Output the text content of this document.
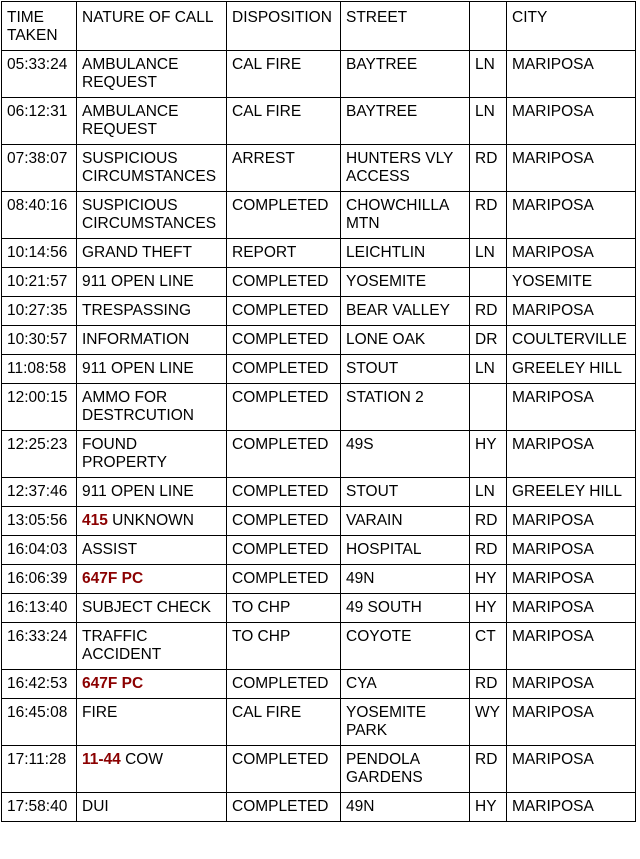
TIME TAKEN	NATURE OF CALL	DISPOSITION	STREET		CITY
05:33:24	AMBULANCE REQUEST	CAL FIRE	BAYTREE	LN	MARIPOSA
06:12:31	AMBULANCE REQUEST	CAL FIRE	BAYTREE	LN	MARIPOSA
07:38:07	SUSPICIOUS CIRCUMSTANCES	ARREST	HUNTERS VLY ACCESS	RD	MARIPOSA
08:40:16	SUSPICIOUS CIRCUMSTANCES	COMPLETED	CHOWCHILLA MTN	RD	MARIPOSA
10:14:56	GRAND THEFT	REPORT	LEICHTLIN	LN	MARIPOSA
10:21:57	911 OPEN LINE	COMPLETED	YOSEMITE		YOSEMITE
10:27:35	TRESPASSING	COMPLETED	BEAR VALLEY	RD	MARIPOSA
10:30:57	INFORMATION	COMPLETED	LONE OAK	DR	COULTERVILLE
11:08:58	911 OPEN LINE	COMPLETED	STOUT	LN	GREELEY HILL
12:00:15	AMMO FOR DESTRCUTION	COMPLETED	STATION 2		MARIPOSA
12:25:23	FOUND PROPERTY	COMPLETED	49S	HY	MARIPOSA
12:37:46	911 OPEN LINE	COMPLETED	STOUT	LN	GREELEY HILL
13:05:56	415 UNKNOWN	COMPLETED	VARAIN	RD	MARIPOSA
16:04:03	ASSIST	COMPLETED	HOSPITAL	RD	MARIPOSA
16:06:39	647F PC	COMPLETED	49N	HY	MARIPOSA
16:13:40	SUBJECT CHECK	TO CHP	49 SOUTH	HY	MARIPOSA
16:33:24	TRAFFIC ACCIDENT	TO CHP	COYOTE	CT	MARIPOSA
16:42:53	647F PC	COMPLETED	CYA	RD	MARIPOSA
16:45:08	FIRE	CAL FIRE	YOSEMITE PARK	WY	MARIPOSA
17:11:28	11-44 COW	COMPLETED	PENDOLA GARDENS	RD	MARIPOSA
17:58:40	DUI	COMPLETED	49N	HY	MARIPOSA
